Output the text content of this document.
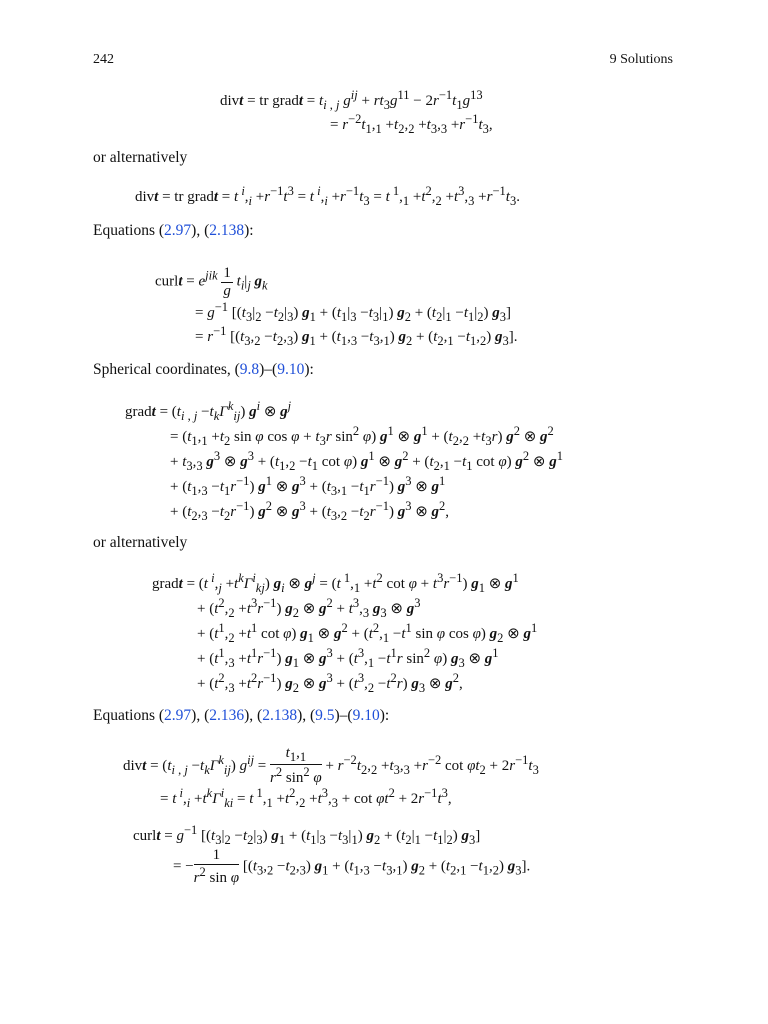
242	9 Solutions
divt = tr gradt = $t_{i , j}$ $g^{ij} + rt_3g^{11} - 2r^{-1}t_1g^{13}$
= $r^{-2}t_1,_1 +t_2,_2 +t_3,_3 +r^{-1}t_3$,
or alternatively
divt = tr gradt = t $^i,_i +r^{-1}t^3 = t$ $^i,_i +r^{-1}t_3 = t$ $^1,_1 +t^2,_2 +t^3,_3 +r^{-1}t_3$.
Equations (2.97), (2.138):
curlt = $e^{jik} \frac{1}{g} t_i|_j$ $g_k$
= $g^{-1}$ [$(t_3|_2 -t_2|_3) g_1 + (t_1|_3 -t_3|_1) g_2 + (t_2|_1 -t_1|_2)$ $g_3$]
= $r^{-1}$ [$(t_3,_2 -t_2,_3) g_1 + (t_1,_3 -t_3,_1) g_2 + (t_2,_1 -t_1,_2)$ $g_3$].
Spherical coordinates, (9.8)–(9.10):
gradt = $(t_{i , j} -t_k\Gamma^k_{ij})$ $g^i$ ⊗ $g^j$
= ($t_1,_1 +t_2$ sin φ $\cos \varphi + t_3r$ $\sin^2 \varphi$) $g^1$ ⊗ $g^1 + (t_2,_2 +t_3r)$ $g^2$ ⊗ $g^2$
+ $t_3,_3$ $g^3$ ⊗ $g^3 + (t_1,_2 -t_1$ cot φ) $g^1$ ⊗ $g^2 + (t_2,_1 -t_1$ cot φ) $g^2$ ⊗ $g^1$
+ $(t_1,_3 -t_1r^{-1})$ $g^1$ ⊗ $g^3 + (t_3,_1 -t_1r^{-1})$ $g^3$ ⊗ $g^1$
+ $(t_2,_3 -t_2r^{-1})$ $g^2$ ⊗ $g^3 + (t_3,_2 -t_2r^{-1})$ $g^3$ ⊗ $g^2$,
or alternatively
gradt = (t $^i,_j +t^k\Gamma^i_{kj}$) $g_i$ ⊗ $g^j = (t$ $^1,_1 +t^2$ $\cot \varphi + t^3r^{-1}$) $g_1$ ⊗ $g^1$
+ $(t^2,_2 +t^3r^{-1})$ $g_2$ ⊗ $g^2 + t^3,_3$ $g_3$ ⊗ $g^3$
+ ($t^1,_2 +t^1$ cot φ) $g_1$ ⊗ $g^2 + (t^2,_1 -t^1$ sin φ cos φ) $g_2$ ⊗ $g^1$
+ $(t^1,_3 +t^1r^{-1})$ $g_1$ ⊗ $g^3 + (t^3,_1 -t^1r$ $\sin^2 \varphi$) $g_3$ ⊗ $g^1$
+ $(t^2,_3 +t^2r^{-1})$ $g_2$ ⊗ $g^3 + (t^3,_2 -t^2r)$ $g_3$ ⊗ $g^2$,
Equations (2.97), (2.136), (2.138), (9.5)–(9.10):
divt = $(t_{i , j} -t_k\Gamma^k_{ij}) g^{ij} = \frac{t_1,_1}{r^2 \sin^2 \varphi} + r^{-2}t_2,_2 +t_3,_3 +r^{-2}$ $\cot \varphi t_2 + 2r^{-1}t_3$
= t $^i,_i +t^k\Gamma^i_{ki} = t$ $^1,_1 +t^2,_2 +t^3,_3 + \cot \varphi t^2 + 2r^{-1}t^3$,
curlt = $g^{-1}$ [$(t_3|_2 -t_2|_3) g_1 + (t_1|_3 -t_3|_1) g_2 + (t_2|_1 -t_1|_2)$ $g_3$]
= − $\frac{1}{r^2 \sin \varphi} [(t_3,_2 -t_2,_3) g_1 + (t_1,_3 -t_3,_1) g_2 + (t_2,_1 -t_1,_2)$ $g_3$].
